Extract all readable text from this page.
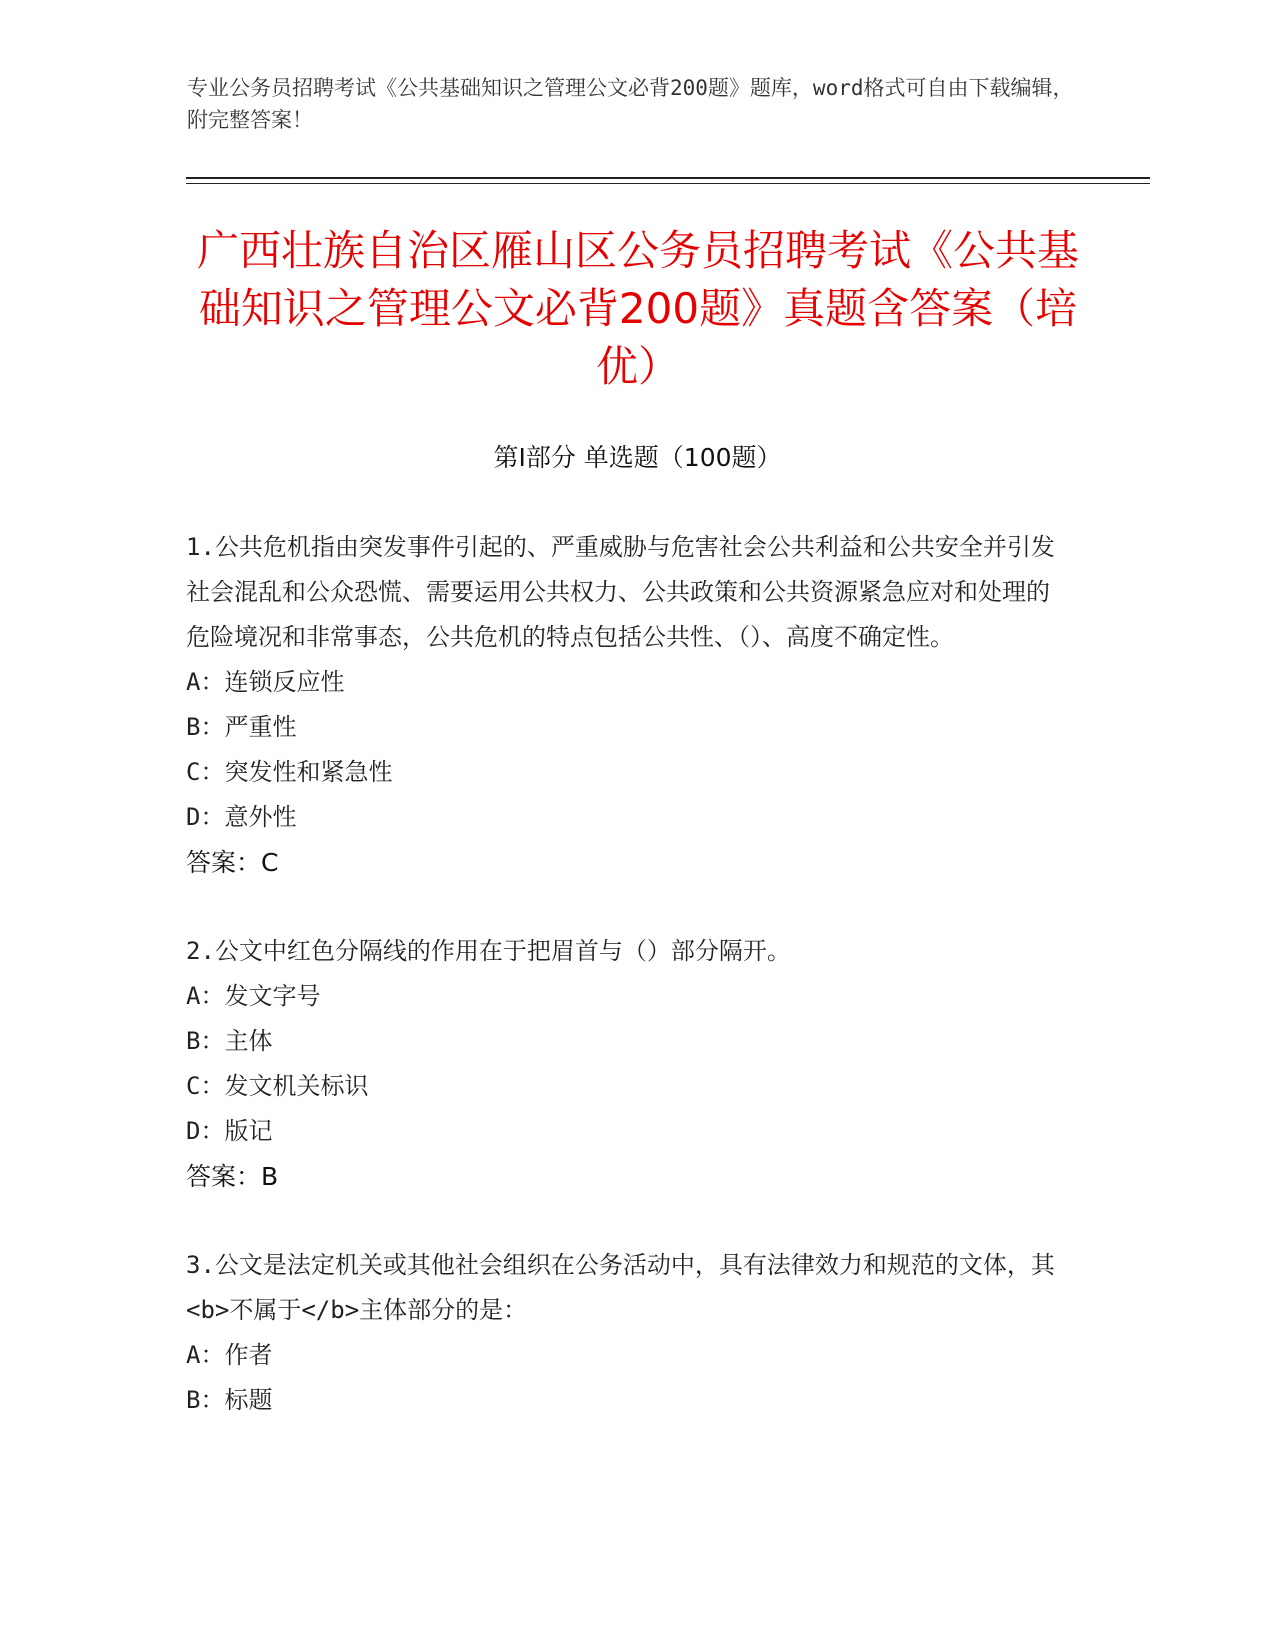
专业公务员招聘考试《公共基础知识之管理公文必背200题》题库，word格式可自由下载编辑，附完整答案！
广西壮族自治区雁山区公务员招聘考试《公共基础知识之管理公文必背200题》真题含答案（培优）
第Ⅰ部分 单选题（100题）

1.公共危机指由突发事件引起的、严重威胁与危害社会公共利益和公共安全并引发社会混乱和公众恐慌、需要运用公共权力、公共政策和公共资源紧急应对和处理的危险境况和非常事态，公共危机的特点包括公共性、（）、高度不确定性。

A：连锁反应性

B：严重性

C：突发性和紧急性

D：意外性

答案：C

2.公文中红色分隔线的作用在于把眉首与（）部分隔开。

A：发文字号

B：主体

C：发文机关标识

D：版记

答案：B

3.公文是法定机关或其他社会组织在公务活动中，具有法律效力和规范的文体，其<b>不属于</b>主体部分的是：

A：作者

B：标题
